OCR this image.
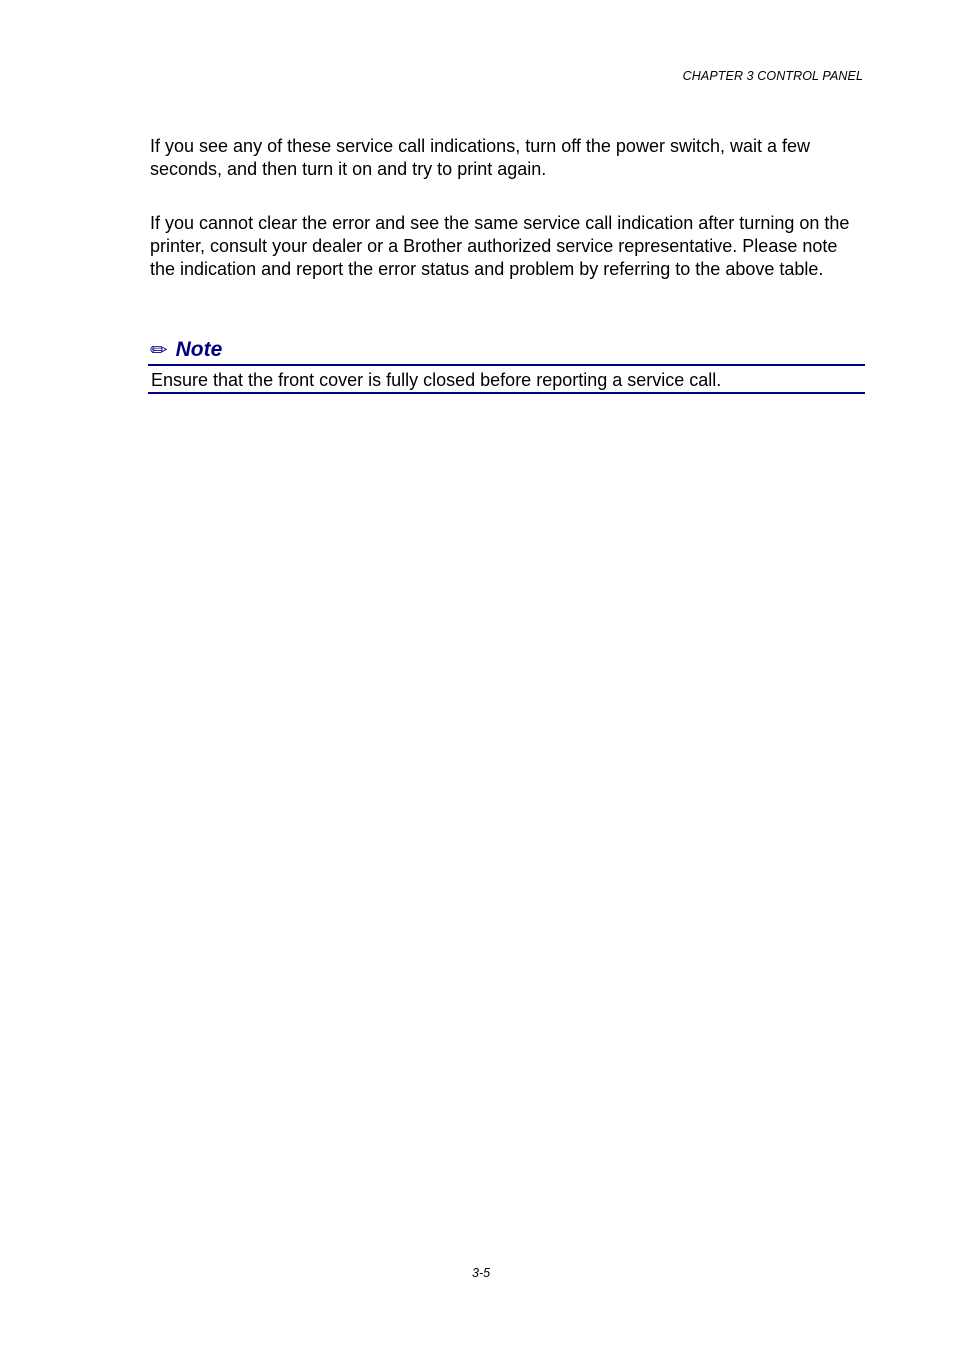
CHAPTER 3 CONTROL PANEL

If you see any of these service call indications, turn off the power switch, wait a few seconds, and then turn it on and try to print again.

If you cannot clear the error and see the same service call indication after turning on the printer, consult your dealer or a Brother authorized service representative. Please note the indication and report the error status and problem by referring to the above table.

✏ Note
Ensure that the front cover is fully closed before reporting a service call.
3-5
